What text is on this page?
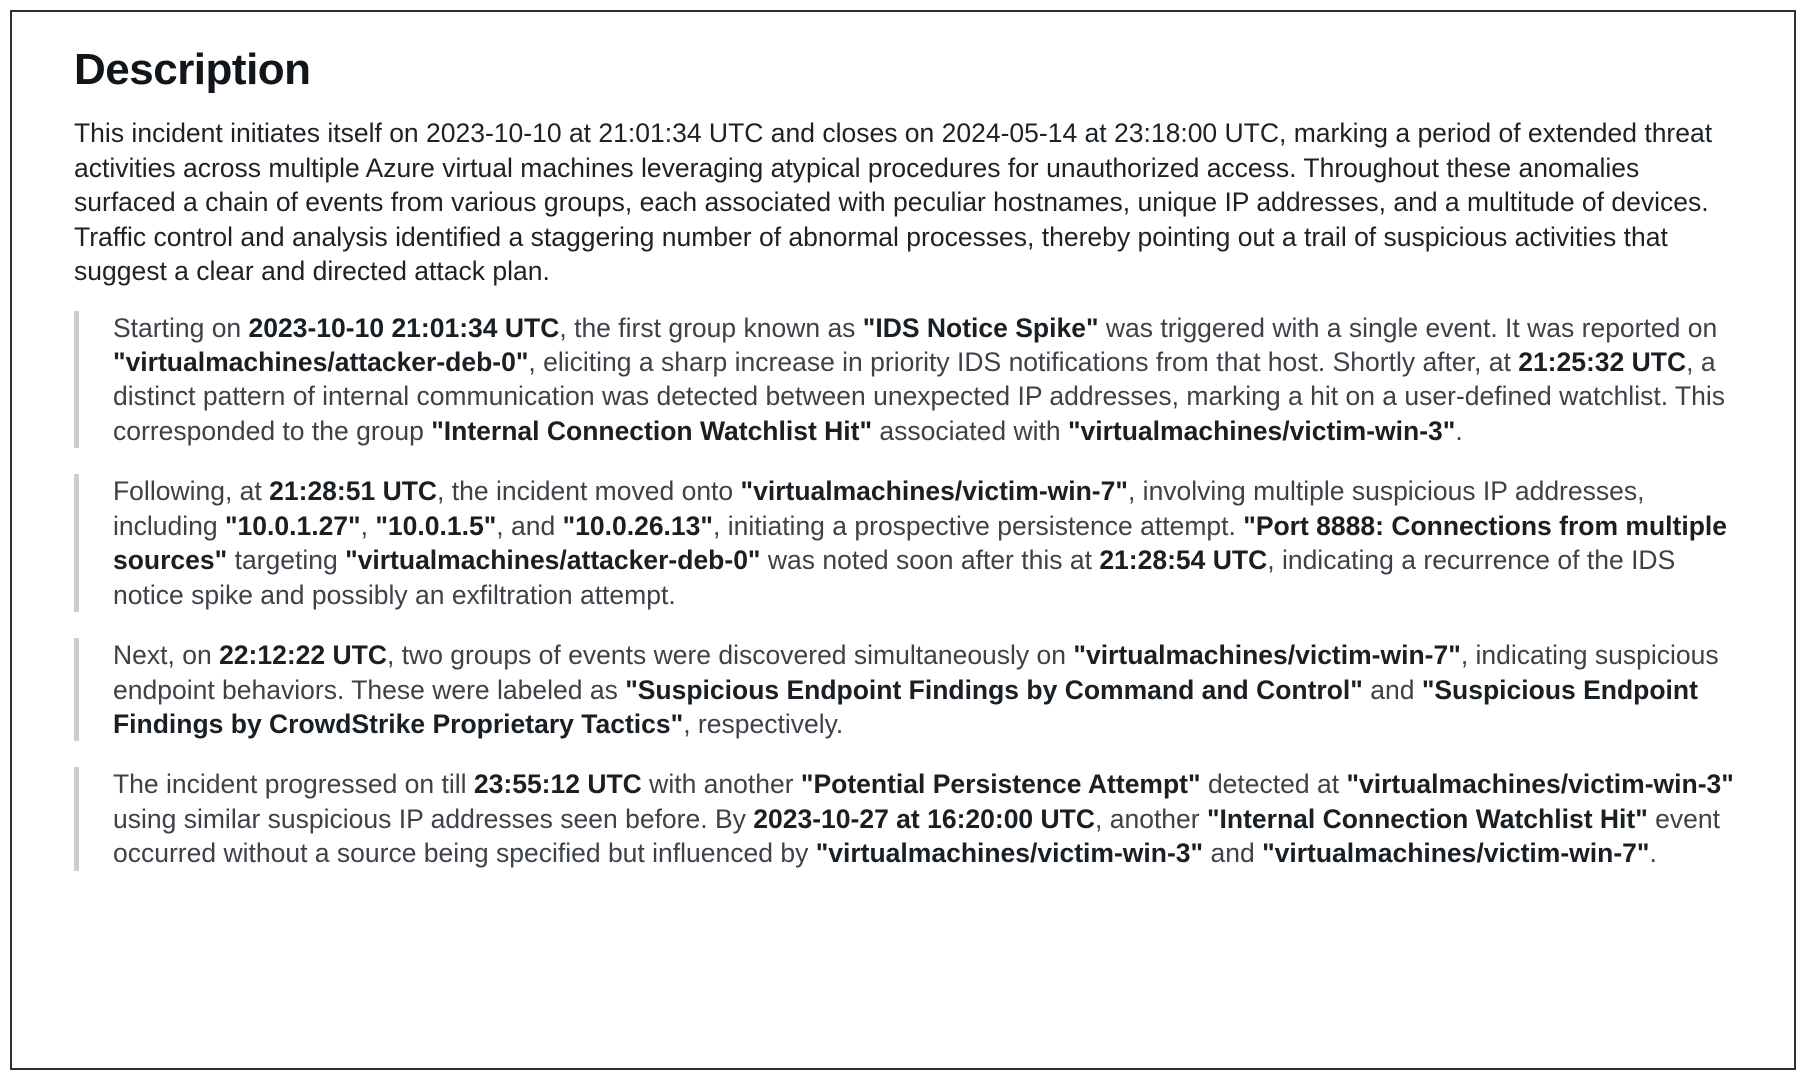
Description

This incident initiates itself on 2023-10-10 at 21:01:34 UTC and closes on 2024-05-14 at 23:18:00 UTC, marking a period of extended threat activities across multiple Azure virtual machines leveraging atypical procedures for unauthorized access. Throughout these anomalies surfaced a chain of events from various groups, each associated with peculiar hostnames, unique IP addresses, and a multitude of devices. Traffic control and analysis identified a staggering number of abnormal processes, thereby pointing out a trail of suspicious activities that suggest a clear and directed attack plan.

Starting on 2023-10-10 21:01:34 UTC, the first group known as "IDS Notice Spike" was triggered with a single event. It was reported on "virtualmachines/attacker-deb-0", eliciting a sharp increase in priority IDS notifications from that host. Shortly after, at 21:25:32 UTC, a distinct pattern of internal communication was detected between unexpected IP addresses, marking a hit on a user-defined watchlist. This corresponded to the group "Internal Connection Watchlist Hit" associated with "virtualmachines/victim-win-3".
Following, at 21:28:51 UTC, the incident moved onto "virtualmachines/victim-win-7", involving multiple suspicious IP addresses, including "10.0.1.27", "10.0.1.5", and "10.0.26.13", initiating a prospective persistence attempt. "Port 8888: Connections from multiple sources" targeting "virtualmachines/attacker-deb-0" was noted soon after this at 21:28:54 UTC, indicating a recurrence of the IDS notice spike and possibly an exfiltration attempt.
Next, on 22:12:22 UTC, two groups of events were discovered simultaneously on "virtualmachines/victim-win-7", indicating suspicious endpoint behaviors. These were labeled as "Suspicious Endpoint Findings by Command and Control" and "Suspicious Endpoint Findings by CrowdStrike Proprietary Tactics", respectively.
The incident progressed on till 23:55:12 UTC with another "Potential Persistence Attempt" detected at "virtualmachines/victim-win-3" using similar suspicious IP addresses seen before. By 2023-10-27 at 16:20:00 UTC, another "Internal Connection Watchlist Hit" event occurred without a source being specified but influenced by "virtualmachines/victim-win-3" and "virtualmachines/victim-win-7".
